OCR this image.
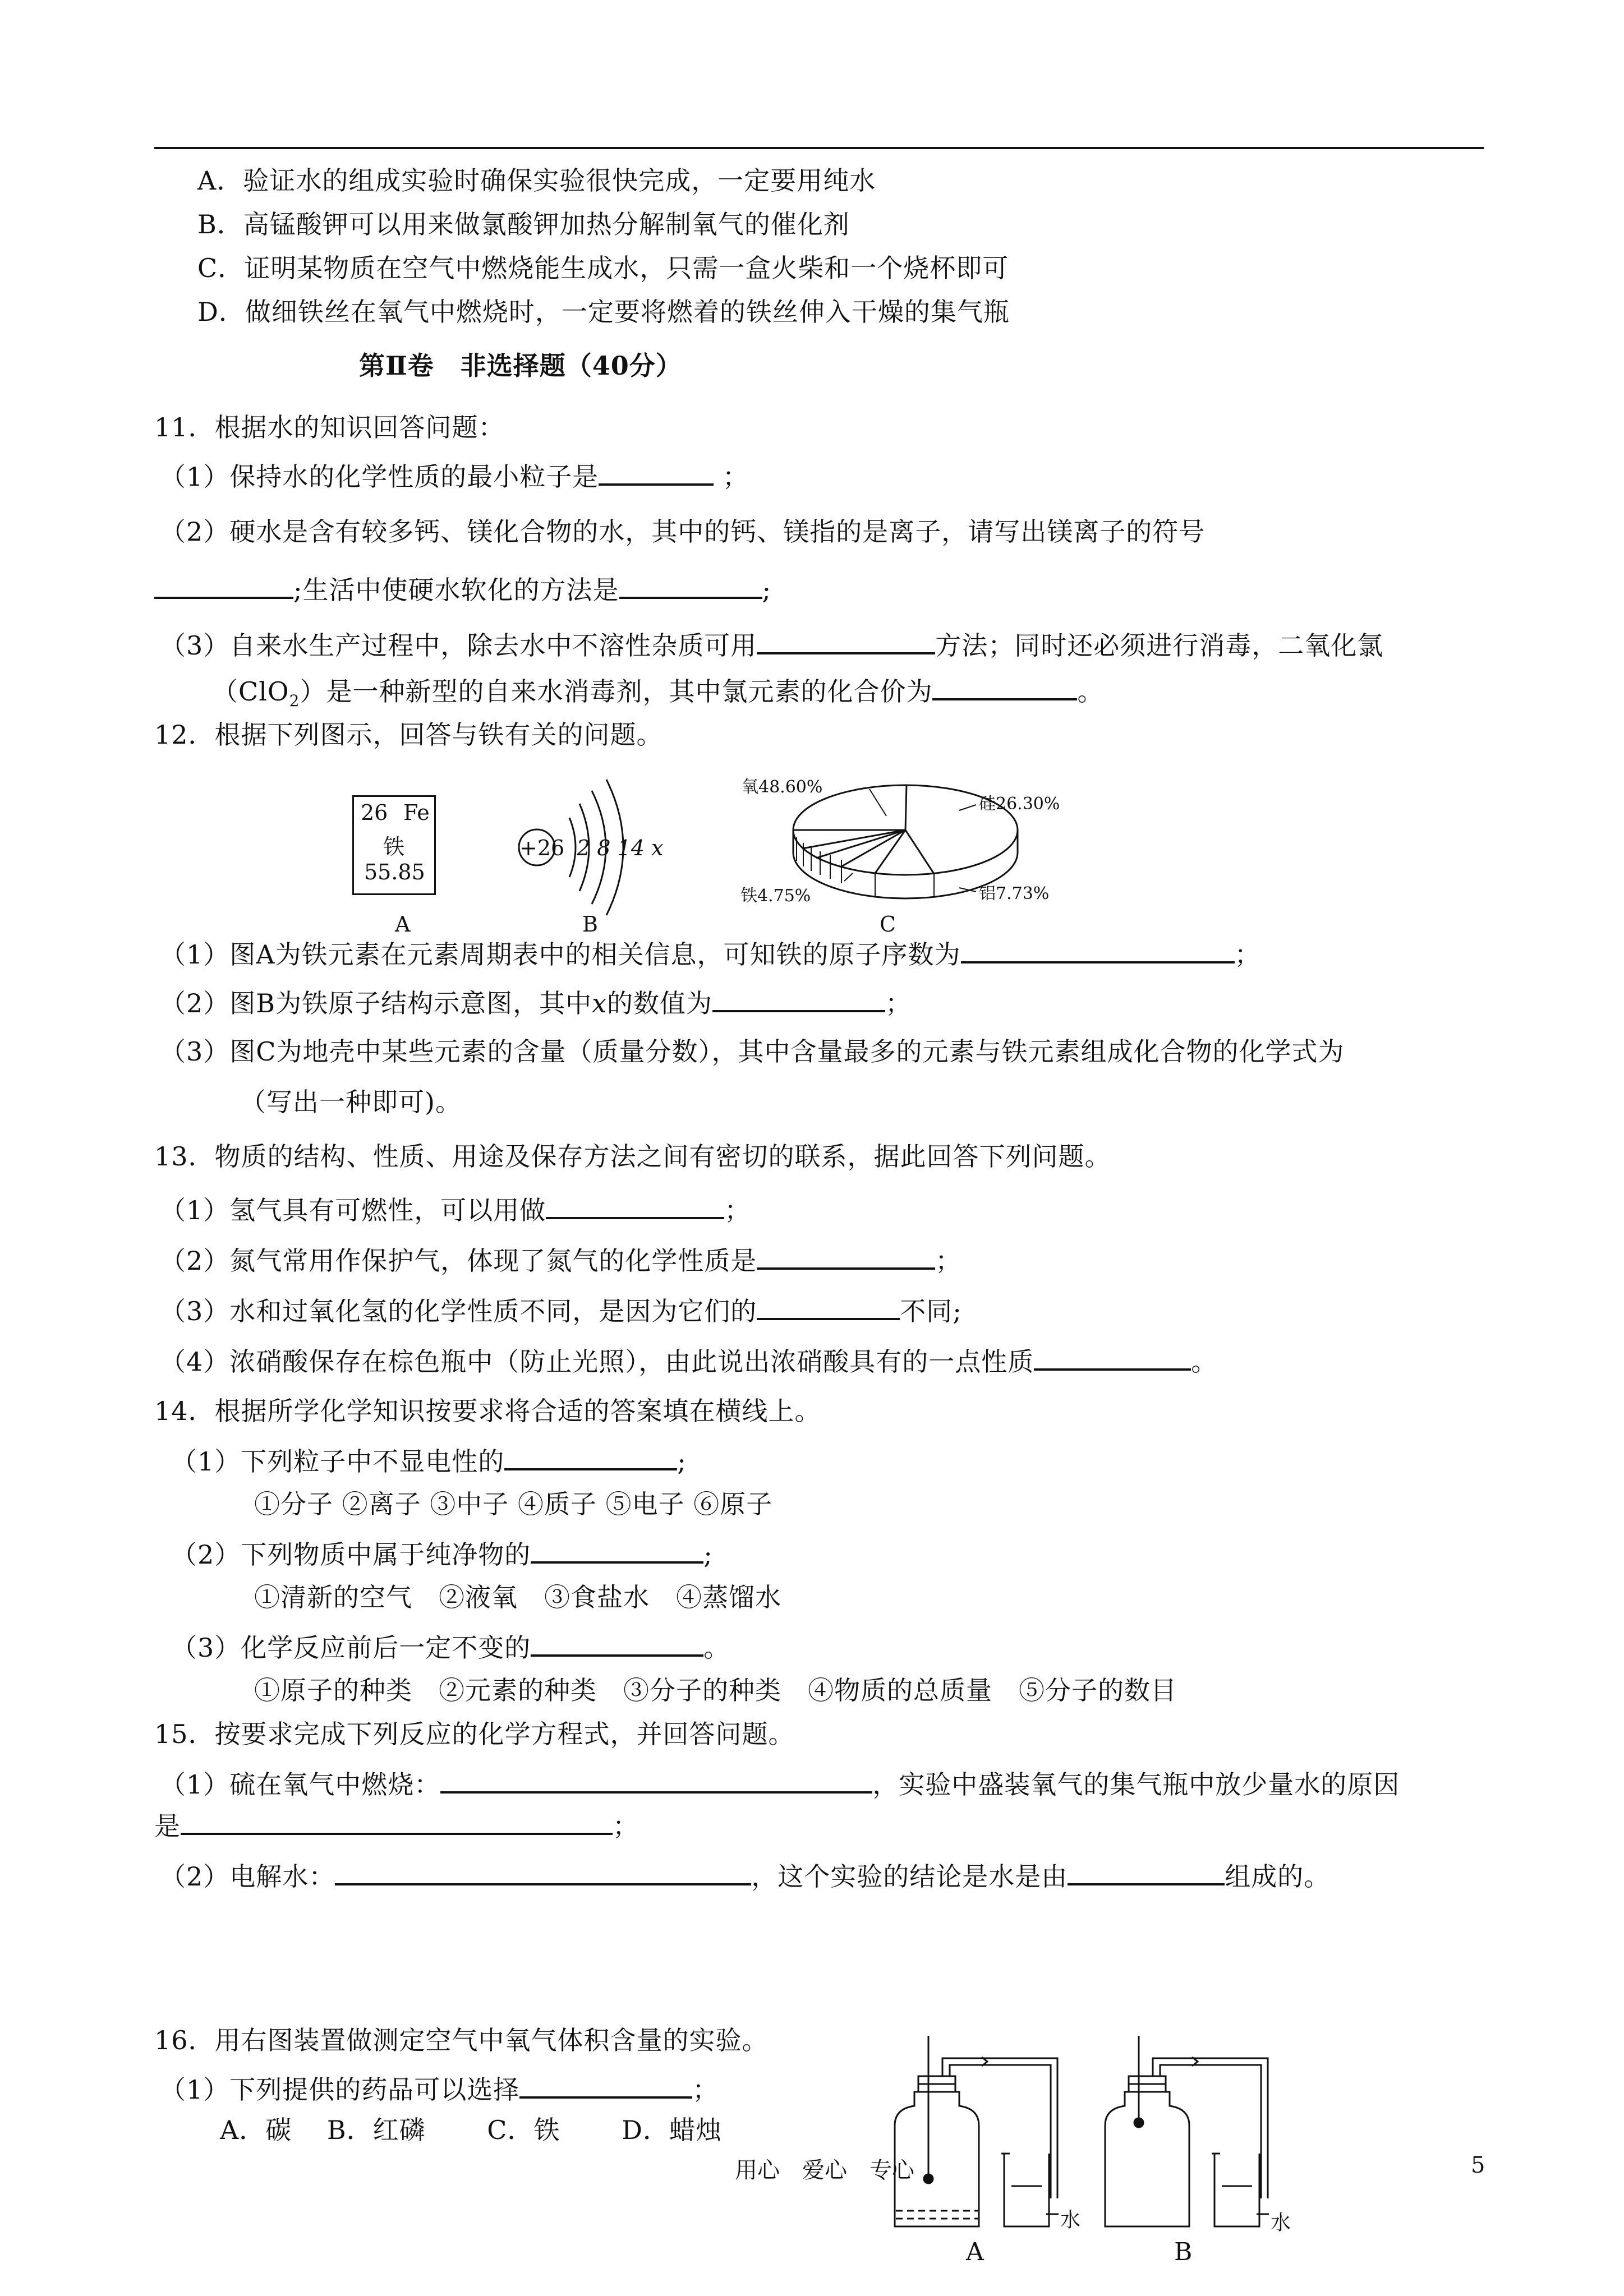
A．验证水的组成实验时确保实验很快完成，一定要用纯水
B．高锰酸钾可以用来做氯酸钾加热分解制氧气的催化剂
C．证明某物质在空气中燃烧能生成水，只需一盒火柴和一个烧杯即可
D．做细铁丝在氧气中燃烧时，一定要将燃着的铁丝伸入干燥的集气瓶
第Ⅱ卷　非选择题（40分）
11．根据水的知识回答问题：
（1）保持水的化学性质的最小粒子是	；
（2）硬水是含有较多钙、镁化合物的水，其中的钙、镁指的是离子，请写出镁离子的符号
;生活中使硬水软化的方法是	;
（3）自来水生产过程中，除去水中不溶性杂质可用	方法；同时还必须进行消毒，二氧化氯
（ClO$_2$）是一种新型的自来水消毒剂，其中氯元素的化合价为	。
12．根据下列图示，回答与铁有关的问题。
26 Fe
铁
55.85
A
+26 2 8 14 x
B
氧48.60%
硅26.30%
铁4.75%	铝7.73%
C
（1）图A为铁元素在元素周期表中的相关信息，可知铁的原子序数为	；
（2）图B为铁原子结构示意图，其中x的数值为	；
（3）图C为地壳中某些元素的含量（质量分数），其中含量最多的元素与铁元素组成化合物的化学式为
（写出一种即可)。
13．物质的结构、性质、用途及保存方法之间有密切的联系，据此回答下列问题。
（1）氢气具有可燃性，可以用做	；
（2）氮气常用作保护气，体现了氮气的化学性质是	；
（3）水和过氧化氢的化学性质不同，是因为它们的	不同;
（4）浓硝酸保存在棕色瓶中（防止光照），由此说出浓硝酸具有的一点性质	。
14．根据所学化学知识按要求将合适的答案填在横线上。
（1）下列粒子中不显电性的	;
①分子 ②离子 ③中子 ④质子 ⑤电子 ⑥原子
（2）下列物质中属于纯净物的	;
①清新的空气　②液氧　③食盐水　④蒸馏水
（3）化学反应前后一定不变的	。
①原子的种类　②元素的种类　③分子的种类　④物质的总质量　⑤分子的数目
15．按要求完成下列反应的化学方程式，并回答问题。
（1）硫在氧气中燃烧：	，实验中盛装氧气的集气瓶中放少量水的原因
是	；
（2）电解水：	，这个实验的结论是水是由	组成的。
16．用右图装置做测定空气中氧气体积含量的实验。
（1）下列提供的药品可以选择	；
A．碳　 B．红磷　　 C．铁　　 D．蜡烛
水	水
A	B
用心　爱心　专心	5
